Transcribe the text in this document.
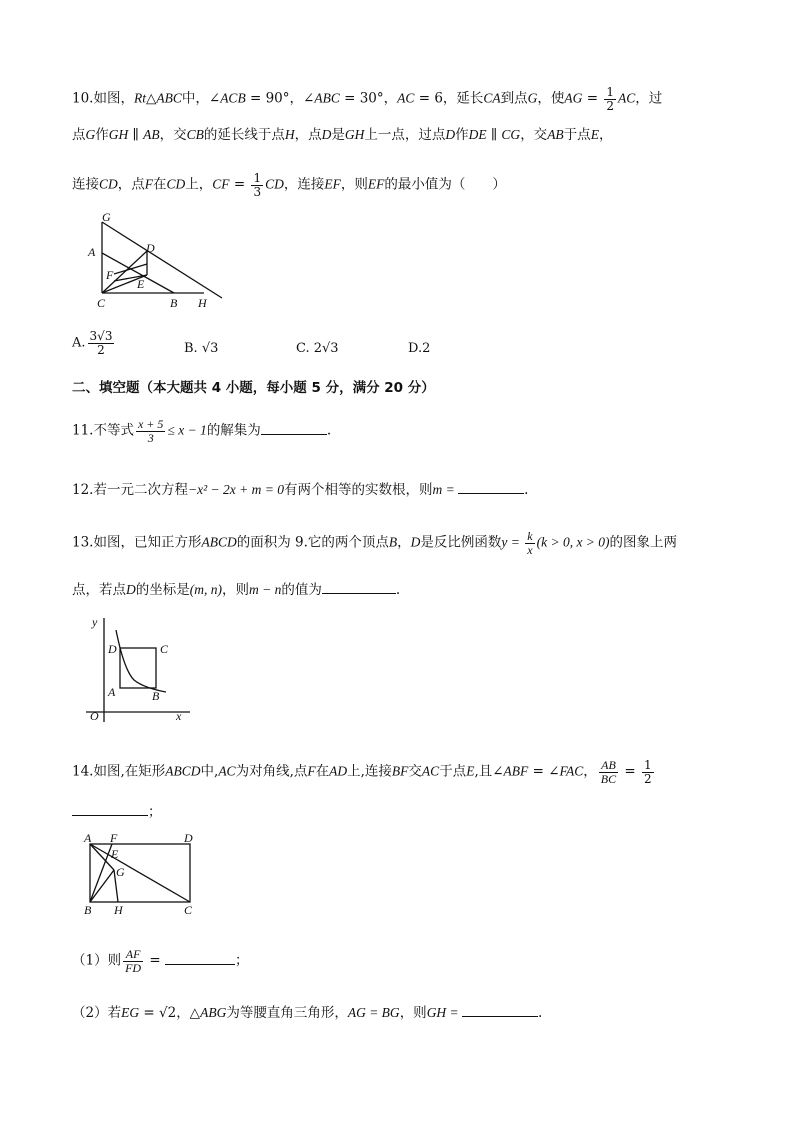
10.如图，Rt△ABC中，∠ACB = 90°，∠ABC = 30°，AC = 6，延长CA到点G，使AG = $\frac{1}{2}$ AC，过
点G作GH ∥ AB，交CB的延长线于点H，点D是GH上一点，过点D作DE ∥ CG，交AB于点E，
连接CD，点F在CD上，CF = $\frac{1}{3}$ CD，连接EF，则EF的最小值为（　　）
G
A	D
F
E
C	B H
A. $\frac{3√3}{2}$	B. √3	C. 2√3	D.2
二、填空题（本大题共 4 小题，每小题 5 分，满分 20 分）
11.不等式 $\frac{x + 5}{3} \le x - 1$的解集为	.
12.若一元二次方程−x² − 2x + m = 0有两个相等的实数根，则m =	.
13.如图，已知正方形ABCD的面积为 9.它的两个顶点B，D是反比例函数$y = \frac{k}{x} (k > 0$, x > 0)的图象上两
点，若点D的坐标是(m, n)，则m − n的值为	.
y
D	C
A	B
O	x
14.如图,在矩形ABCD中,AC为对角线,点F在AD上,连接BF交AC于点E,且∠ABF = ∠FAC， $\frac{AB}{BC} = \frac{1}{2}$
；
A F	D
E
G
B H	C
（1）则 $\frac{AF}{FD}$ =	；
（2）若EG = √2，△ABG为等腰直角三角形，AG = BG，则GH =	.
